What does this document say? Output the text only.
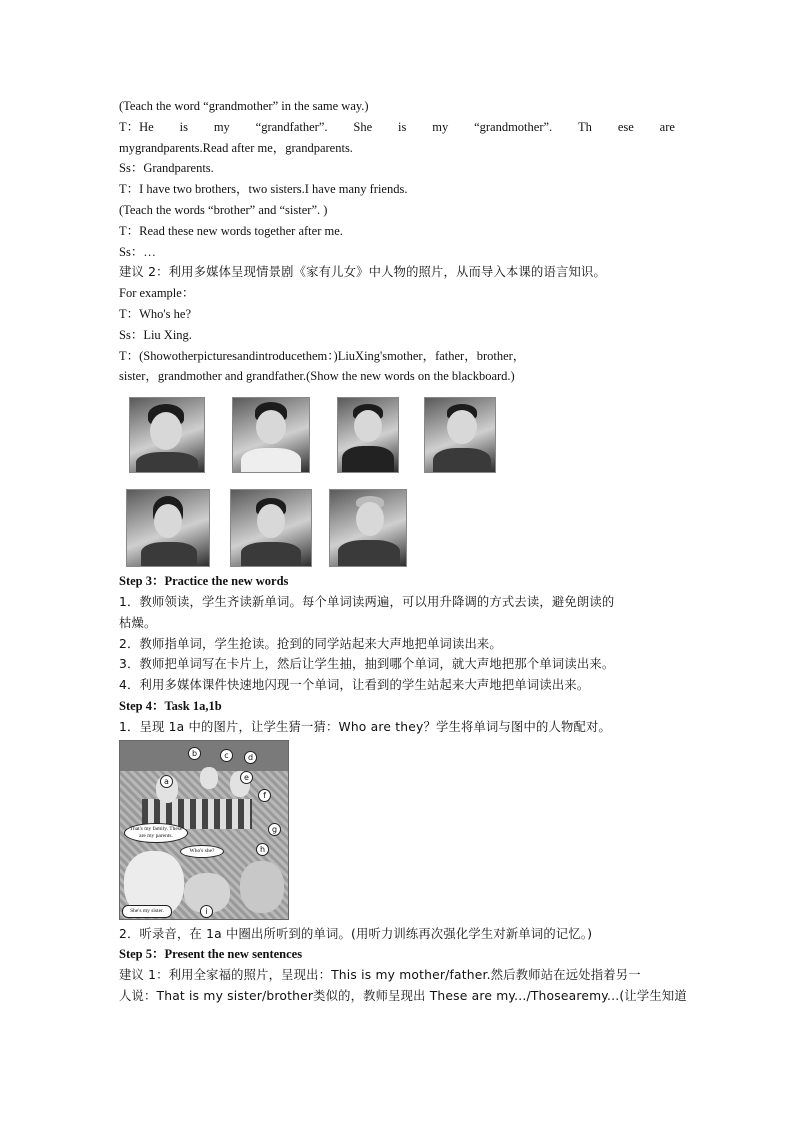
(Teach the word “grandmother” in the same way.)
T：He is my “grandfather”. She is my “grandmother”. Th ese are
mygrandparents.Read after me，grandparents.
Ss：Grandparents.
T：I have two brothers，two sisters.I have many friends.
(Teach the words “brother” and “sister”. )
T：Read these new words together after me.
Ss：…
建议 2：利用多媒体呈现情景剧《家有儿女》中人物的照片，从而导入本课的语言知识。
For example：
T：Who's he?
Ss：Liu Xing.
T：(Showotherpicturesandintroducethem：)LiuXing'smother，father，brother，
sister，grandmother and grandfather.(Show the new words on the blackboard.)
Step 3：Practice the new words
1．教师领读，学生齐读新单词。每个单词读两遍，可以用升降调的方式去读，避免朗读的
枯燥。
2．教师指单词，学生抢读。抢到的同学站起来大声地把单词读出来。
3．教师把单词写在卡片上，然后让学生抽，抽到哪个单词，就大声地把那个单词读出来。
4．利用多媒体课件快速地闪现一个单词，让看到的学生站起来大声地把单词读出来。
Step 4：Task 1a,1b
1．呈现 1a 中的图片，让学生猜一猜：Who are they？学生将单词与图中的人物配对。
a
b	c	d
e
f
g
h
i
That's my family. These are my parents.
Who's she?
She's my sister.
2．听录音，在 1a 中圈出所听到的单词。(用听力训练再次强化学生对新单词的记忆。)
Step 5：Present the new sentences
建议 1：利用全家福的照片，呈现出：This is my mother/father.然后教师站在远处指着另一
人说：That is my sister/brother类似的，教师呈现出 These are my.../Thosearemy...(让学生知道
